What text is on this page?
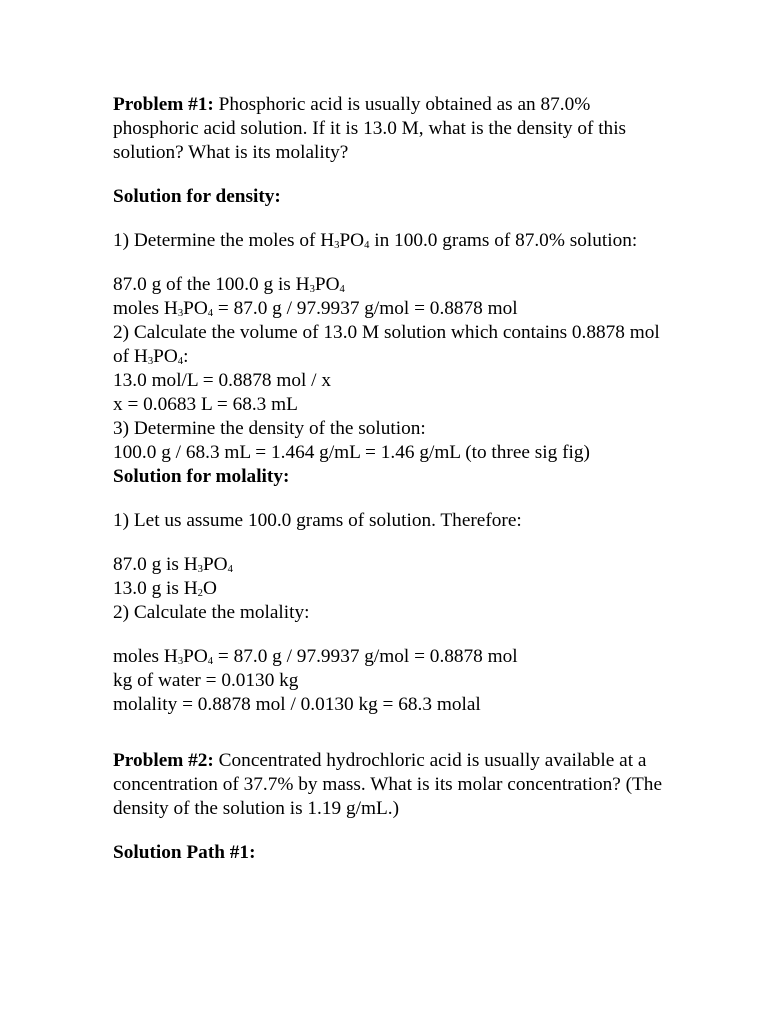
Problem #1: Phosphoric acid is usually obtained as an 87.0% phosphoric acid solution. If it is 13.0 M, what is the density of this solution? What is its molality?

Solution for density:

1) Determine the moles of $H_3PO_4$ in 100.0 grams of 87.0% solution:

87.0 g of the 100.0 g is $H_3PO_4$

moles $H_3PO_4 = 87.0$ g / 97.9937 g/mol = 0.8878 mol

2) Calculate the volume of 13.0 M solution which contains 0.8878 mol of $H_3PO_4$:

13.0 mol/L = 0.8878 mol / x

x = 0.0683 L = 68.3 mL

3) Determine the density of the solution:

100.0 g / 68.3 mL = 1.464 g/mL = 1.46 g/mL (to three sig fig)

Solution for molality:

1) Let us assume 100.0 grams of solution. Therefore:

87.0 g is $H_3PO_4$

13.0 g is $H_2O$

2) Calculate the molality:

moles $H_3PO_4 = 87.0$ g / 97.9937 g/mol = 0.8878 mol

kg of water = 0.0130 kg

molality = 0.8878 mol / 0.0130 kg = 68.3 molal

Problem #2: Concentrated hydrochloric acid is usually available at a concentration of 37.7% by mass. What is its molar concentration? (The density of the solution is 1.19 g/mL.)

Solution Path #1:
